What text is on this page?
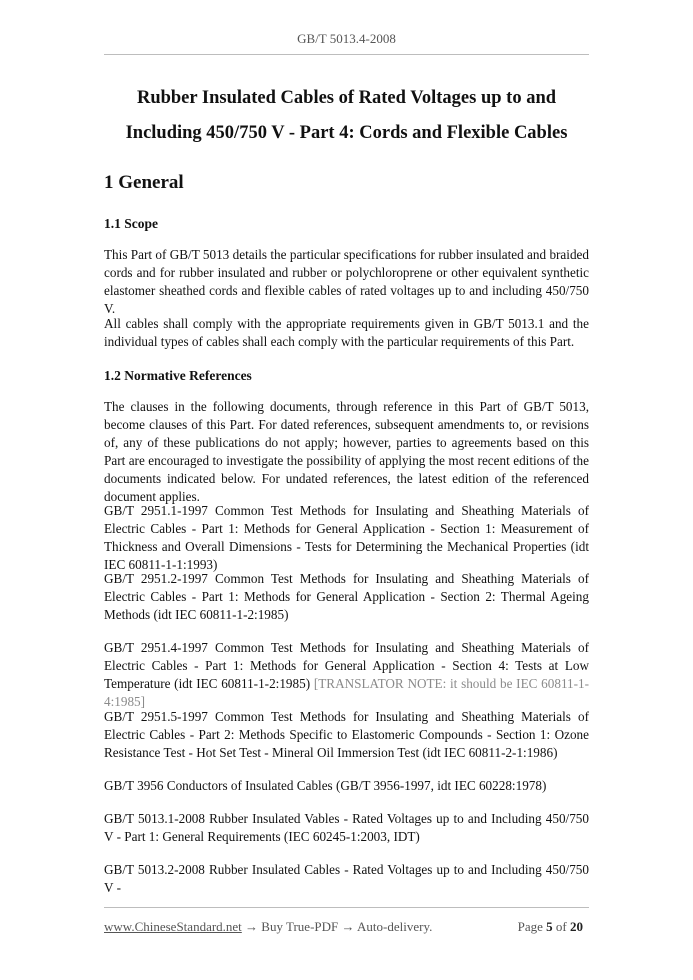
GB/T 5013.4-2008
Rubber Insulated Cables of Rated Voltages up to and
Including 450/750 V - Part 4: Cords and Flexible Cables
1 General
1.1 Scope
This Part of GB/T 5013 details the particular specifications for rubber insulated and braided cords and for rubber insulated and rubber or polychloroprene or other equivalent synthetic elastomer sheathed cords and flexible cables of rated voltages up to and including 450/750 V.
All cables shall comply with the appropriate requirements given in GB/T 5013.1 and the individual types of cables shall each comply with the particular requirements of this Part.
1.2 Normative References
The clauses in the following documents, through reference in this Part of GB/T 5013, become clauses of this Part. For dated references, subsequent amendments to, or revisions of, any of these publications do not apply; however, parties to agreements based on this Part are encouraged to investigate the possibility of applying the most recent editions of the documents indicated below. For undated references, the latest edition of the referenced document applies.
GB/T 2951.1-1997 Common Test Methods for Insulating and Sheathing Materials of Electric Cables - Part 1: Methods for General Application - Section 1: Measurement of Thickness and Overall Dimensions - Tests for Determining the Mechanical Properties (idt IEC 60811-1-1:1993)
GB/T 2951.2-1997 Common Test Methods for Insulating and Sheathing Materials of Electric Cables - Part 1: Methods for General Application - Section 2: Thermal Ageing Methods (idt IEC 60811-1-2:1985)
GB/T 2951.4-1997 Common Test Methods for Insulating and Sheathing Materials of Electric Cables - Part 1: Methods for General Application - Section 4: Tests at Low Temperature (idt IEC 60811-1-2:1985) [TRANSLATOR NOTE: it should be IEC 60811-1-4:1985]
GB/T 2951.5-1997 Common Test Methods for Insulating and Sheathing Materials of Electric Cables - Part 2: Methods Specific to Elastomeric Compounds - Section 1: Ozone Resistance Test - Hot Set Test - Mineral Oil Immersion Test (idt IEC 60811-2-1:1986)
GB/T 3956 Conductors of Insulated Cables (GB/T 3956-1997, idt IEC 60228:1978)
GB/T 5013.1-2008 Rubber Insulated Vables - Rated Voltages up to and Including 450/750 V - Part 1: General Requirements (IEC 60245-1:2003, IDT)
GB/T 5013.2-2008 Rubber Insulated Cables - Rated Voltages up to and Including 450/750 V -
www.ChineseStandard.net → Buy True-PDF → Auto-delivery.	Page 5 of 20
